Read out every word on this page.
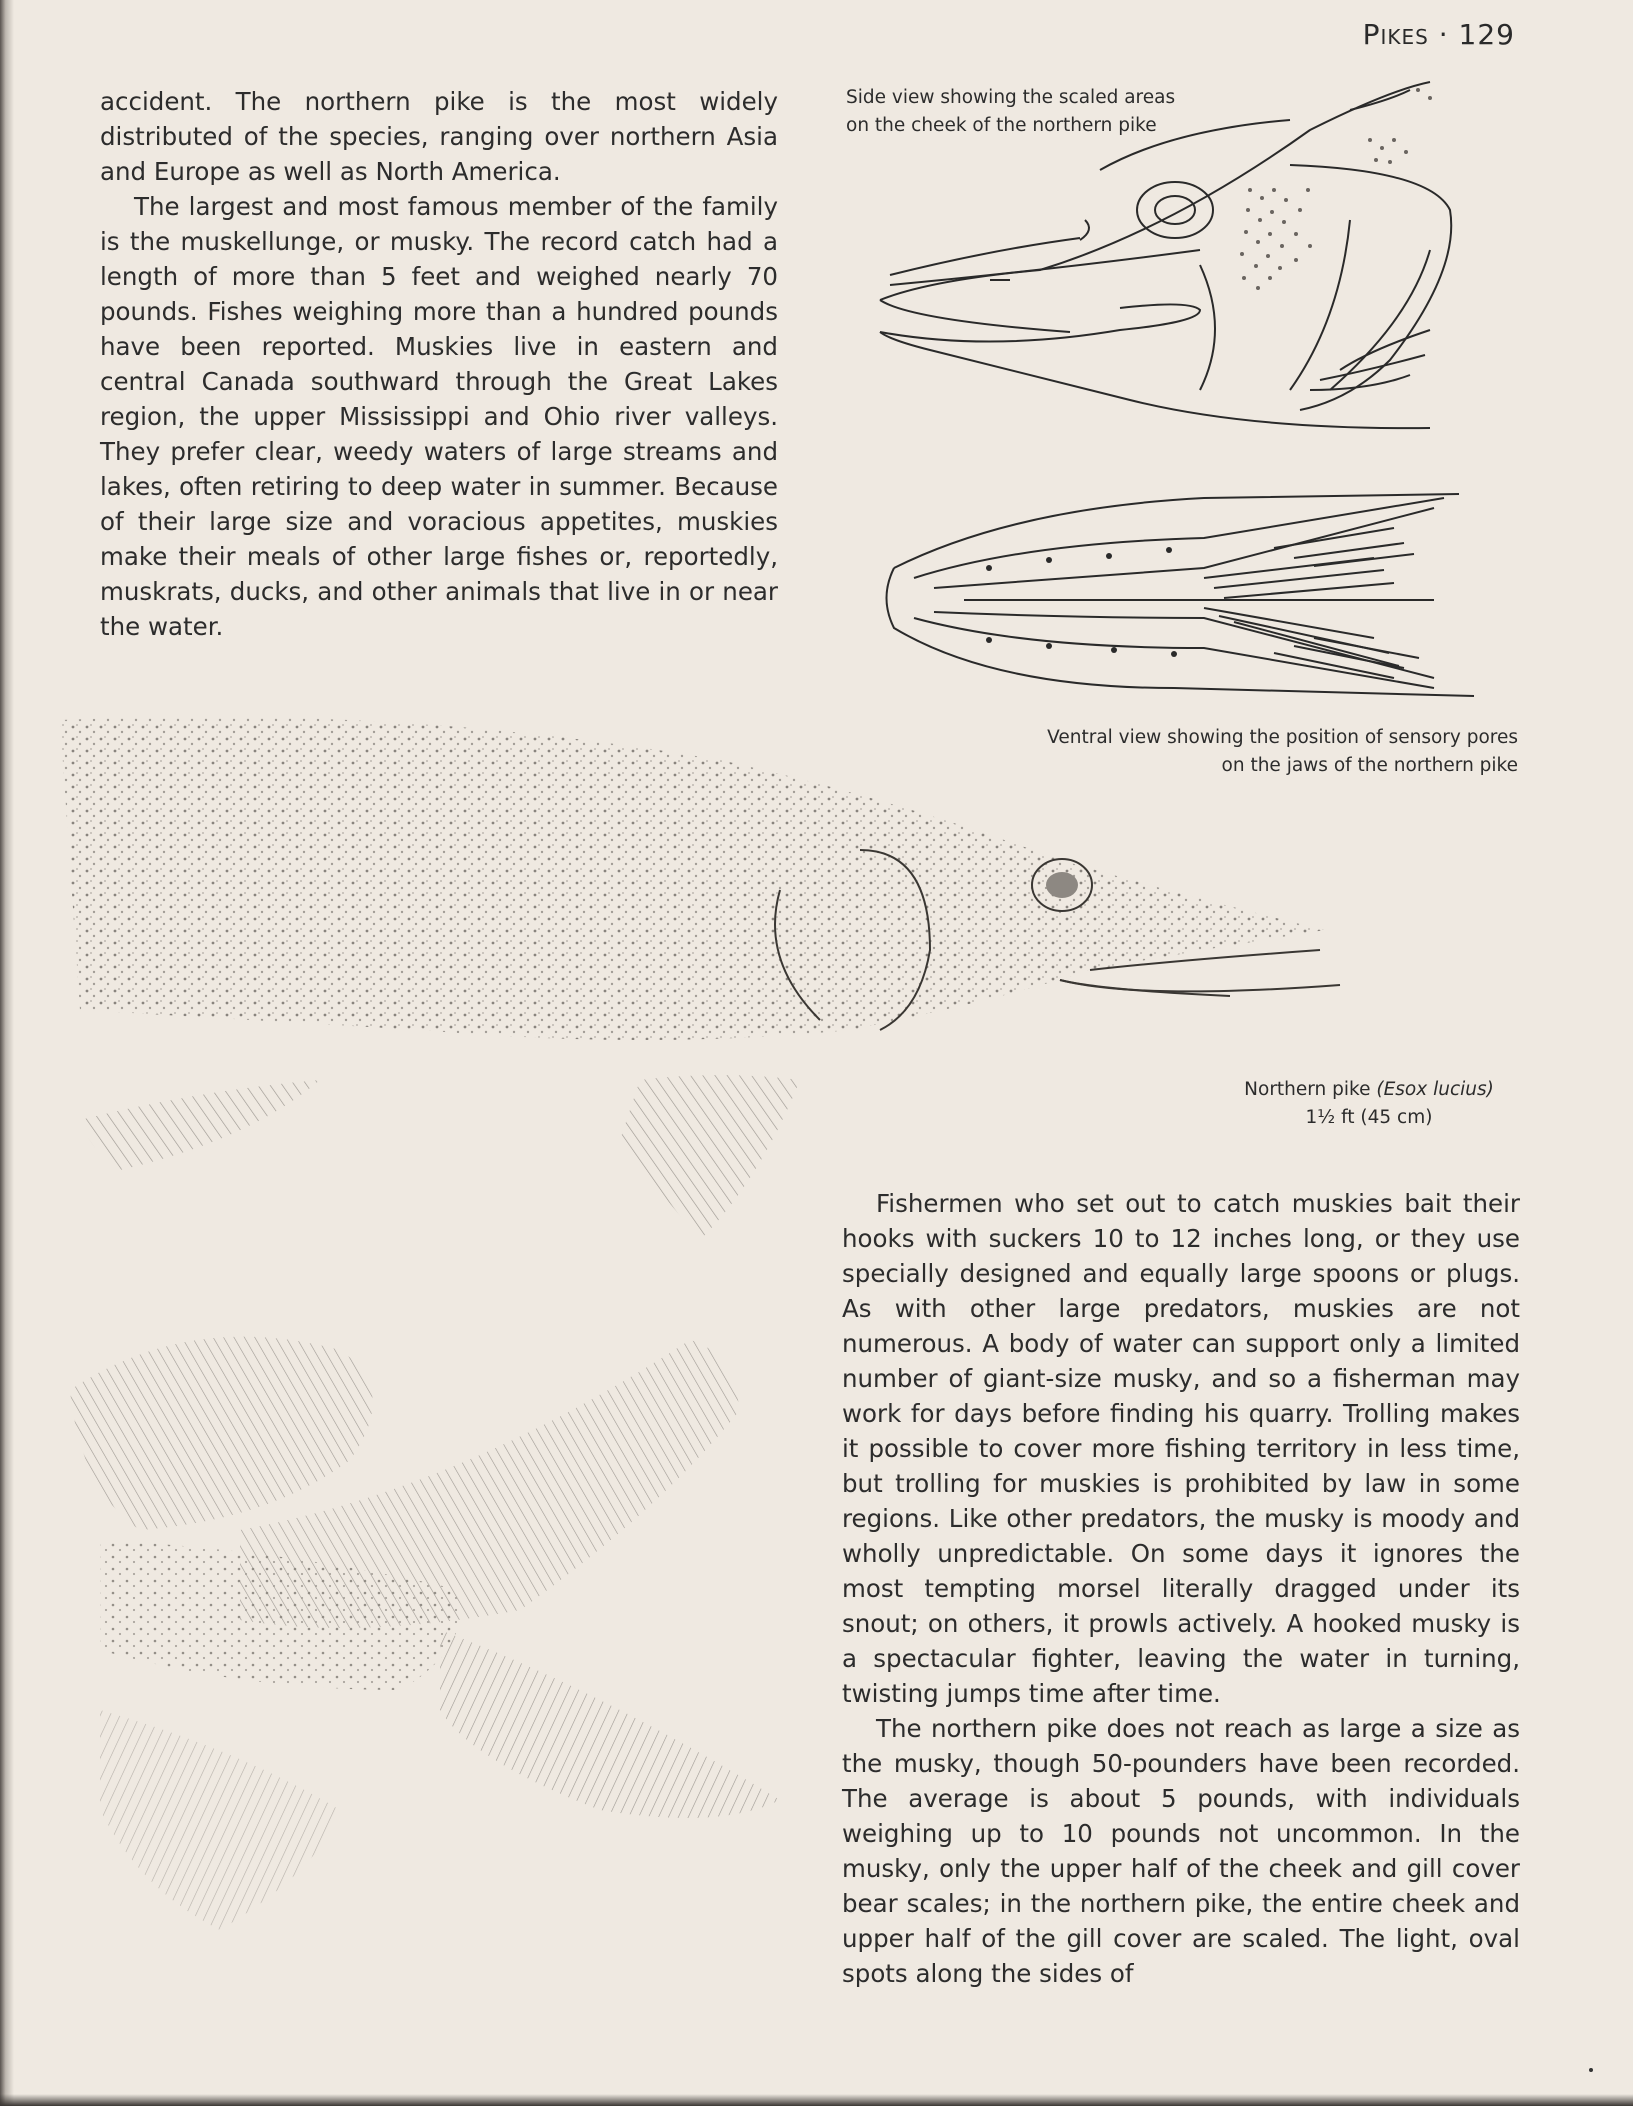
Pikes · 129

accident. The northern pike is the most widely distributed of the species, ranging over northern Asia and Europe as well as North America.

The largest and most famous member of the family is the muskellunge, or musky. The record catch had a length of more than 5 feet and weighed nearly 70 pounds. Fishes weighing more than a hundred pounds have been reported. Muskies live in eastern and central Canada southward through the Great Lakes region, the upper Mississippi and Ohio river valleys. They prefer clear, weedy waters of large streams and lakes, often retiring to deep water in summer. Because of their large size and voracious appetites, muskies make their meals of other large fishes or, reportedly, muskrats, ducks, and other animals that live in or near the water.

Side view showing the scaled areas
on the cheek of the northern pike
Ventral view showing the position of sensory pores
on the jaws of the northern pike
Northern pike (Esox lucius)
1½ ft (45 cm)

Fishermen who set out to catch muskies bait their hooks with suckers 10 to 12 inches long, or they use specially designed and equally large spoons or plugs. As with other large predators, muskies are not numerous. A body of water can support only a limited number of giant-size musky, and so a fisherman may work for days before finding his quarry. Trolling makes it possible to cover more fishing territory in less time, but trolling for muskies is prohibited by law in some regions. Like other predators, the musky is moody and wholly unpredictable. On some days it ignores the most tempting morsel literally dragged under its snout; on others, it prowls actively. A hooked musky is a spectacular fighter, leaving the water in turning, twisting jumps time after time.

The northern pike does not reach as large a size as the musky, though 50-pounders have been recorded. The average is about 5 pounds, with individuals weighing up to 10 pounds not uncommon. In the musky, only the upper half of the cheek and gill cover bear scales; in the northern pike, the entire cheek and upper half of the gill cover are scaled. The light, oval spots along the sides of
